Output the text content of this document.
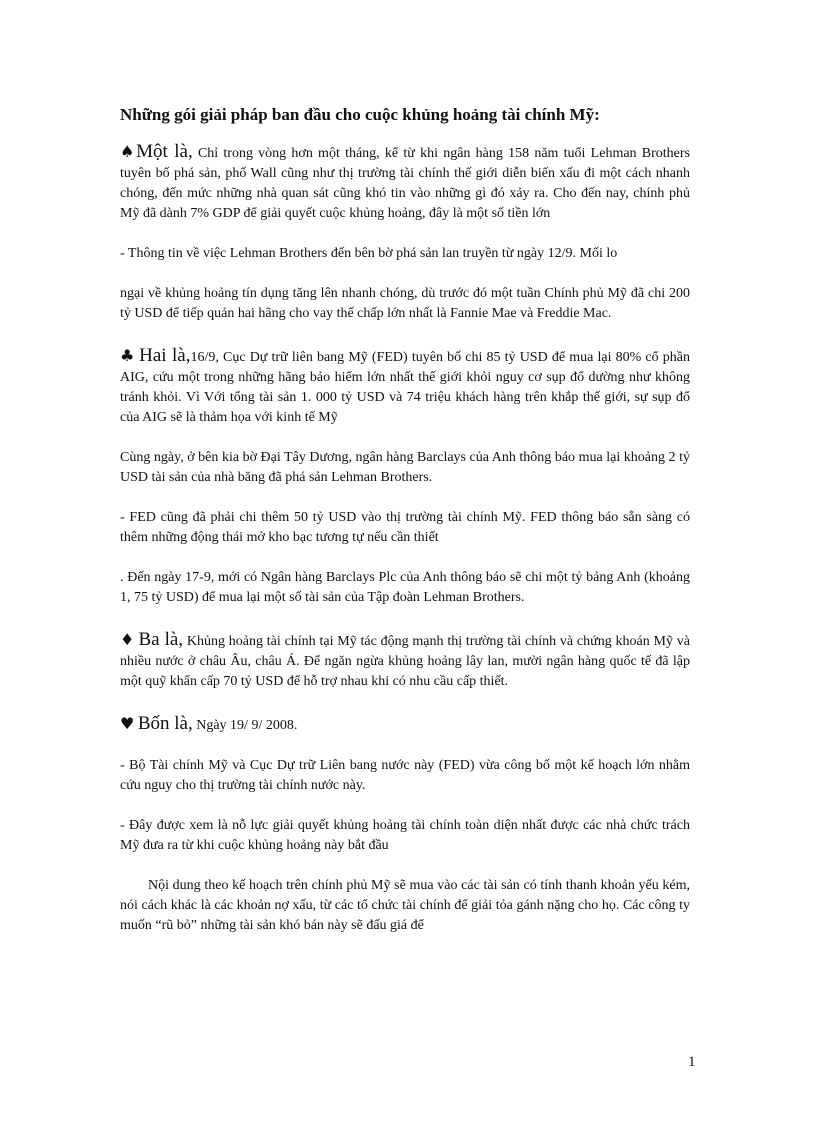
Những gói giải pháp ban đầu cho cuộc khủng hoảng tài chính Mỹ:

♠Một là, Chỉ trong vòng hơn một tháng, kể từ khi ngân hàng 158 năm tuổi Lehman Brothers tuyên bố phá sản, phố Wall cũng như thị trường tài chính thế giới diễn biến xấu đi một cách nhanh chóng, đến mức những nhà quan sát cũng khó tin vào những gì đó xảy ra. Cho đến nay, chính phủ Mỹ đã dành 7% GDP để giải quyết cuộc khủng hoảng, đây là một số tiền lớn

- Thông tin về việc Lehman Brothers đến bên bờ phá sản lan truyền từ ngày 12/9. Mối lo

ngại về khủng hoảng tín dụng tăng lên nhanh chóng, dù trước đó một tuần Chính phủ Mỹ đã chi 200 tỷ USD để tiếp quản hai hãng cho vay thế chấp lớn nhất là Fannie Mae và Freddie Mac.

♣ Hai là,16/9, Cục Dự trữ liên bang Mỹ (FED) tuyên bố chi 85 tỷ USD để mua lại 80% cổ phần AIG, cứu một trong những hãng bảo hiểm lớn nhất thế giới khỏi nguy cơ sụp đổ dường như không tránh khỏi. Vì Với tổng tài sản 1. 000 tỷ USD và 74 triệu khách hàng trên khắp thế giới, sự sụp đổ của AIG sẽ là thảm họa với kinh tế Mỹ

Cùng ngày, ở bên kia bờ Đại Tây Dương, ngân hàng Barclays của Anh thông báo mua lại khoảng 2 tỷ USD tài sản của nhà băng đã phá sản Lehman Brothers.

- FED cũng đã phải chi thêm 50 tỷ USD vào thị trường tài chính Mỹ. FED thông báo sẵn sàng có thêm những động thái mở kho bạc tương tự nếu cần thiết

. Đến ngày 17-9, mới có Ngân hàng Barclays Plc của Anh thông báo sẽ chi một tỷ bảng Anh (khoảng 1, 75 tỷ USD) để mua lại một số tài sản của Tập đoàn Lehman Brothers.

♦ Ba là, Khủng hoảng tài chính tại Mỹ tác động mạnh thị trường tài chính và chứng khoán Mỹ và nhiều nước ở châu Âu, châu Á. Để ngăn ngừa khủng hoảng lây lan, mười ngân hàng quốc tế đã lập một quỹ khẩn cấp 70 tỷ USD để hỗ trợ nhau khi có nhu cầu cấp thiết.

♥ Bốn là, Ngày 19/ 9/ 2008.

- Bộ Tài chính Mỹ và Cục Dự trữ Liên bang nước này (FED) vừa công bố một kế hoạch lớn nhằm cứu nguy cho thị trường tài chính nước này.

- Đây được xem là nỗ lực giải quyết khủng hoảng tài chính toàn diện nhất được các nhà chức trách Mỹ đưa ra từ khi cuộc khủng hoảng này bắt đầu

Nội dung theo kế hoạch trên chính phủ Mỹ sẽ mua vào các tài sản có tính thanh khoản yếu kém, nói cách khác là các khoản nợ xấu, từ các tổ chức tài chính để giải tỏa gánh nặng cho họ. Các công ty muốn “rũ bỏ” những tài sản khó bán này sẽ đấu giá để

1
